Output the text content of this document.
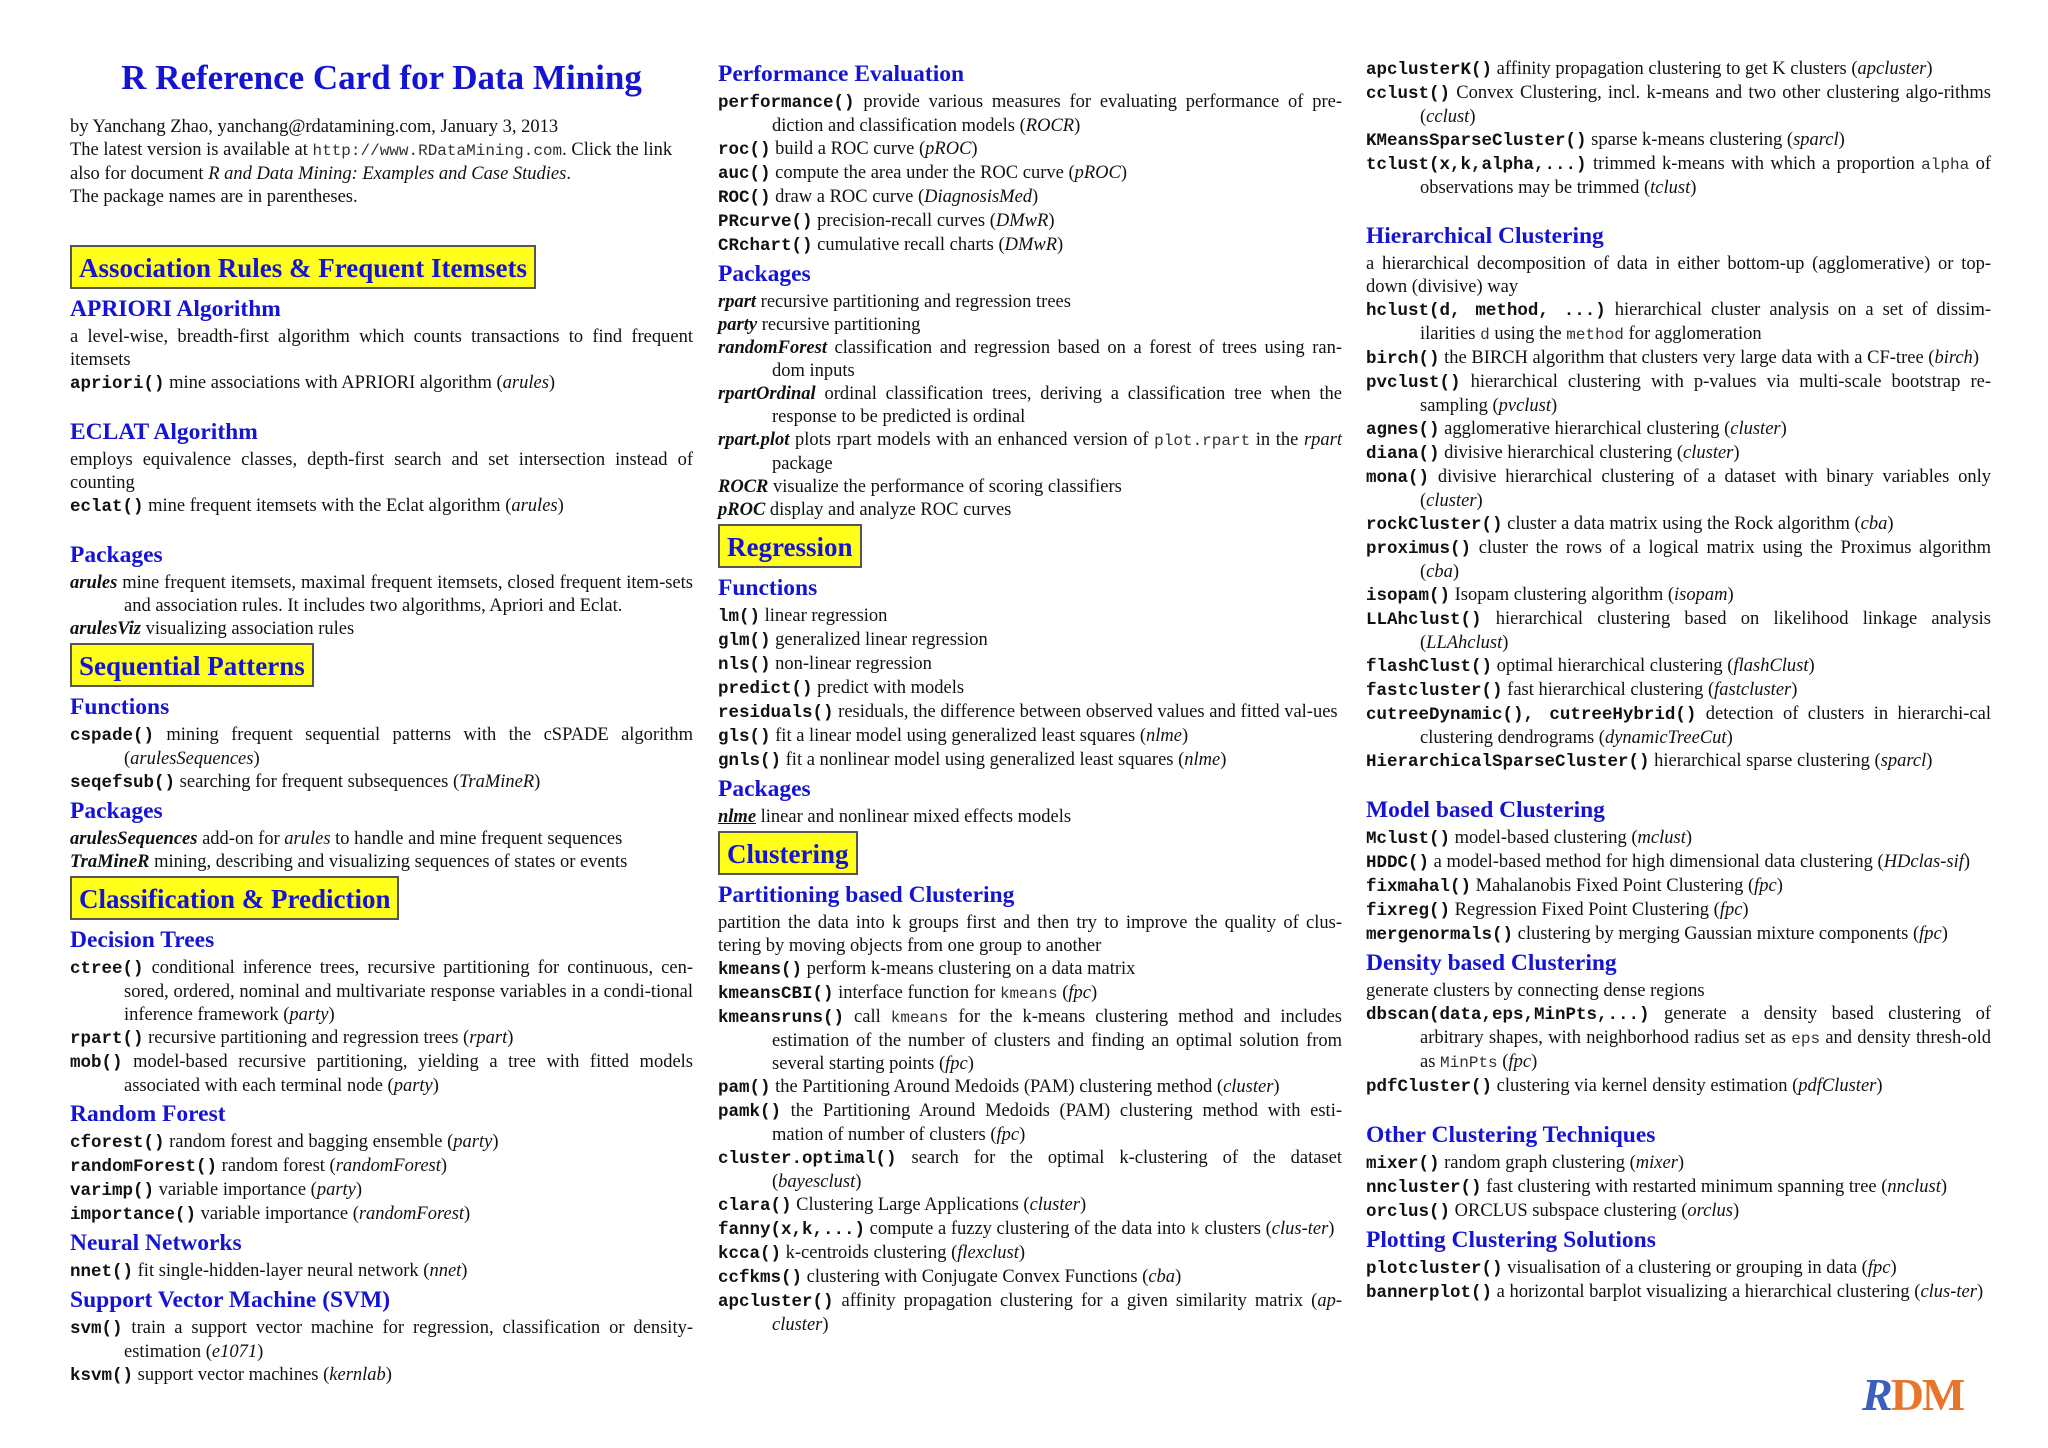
R Reference Card for Data Mining
by Yanchang Zhao, yanchang@rdatamining.com, January 3, 2013
The latest version is available at http://www.RDataMining.com. Click the link also for document R and Data Mining: Examples and Case Studies.
The package names are in parentheses.
Association Rules & Frequent Itemsets
APRIORI Algorithm

a level-wise, breadth-first algorithm which counts transactions to find frequent itemsets

apriori() mine associations with APRIORI algorithm (arules)

ECLAT Algorithm

employs equivalence classes, depth-first search and set intersection instead of counting

eclat() mine frequent itemsets with the Eclat algorithm (arules)

Packages

arules mine frequent itemsets, maximal frequent itemsets, closed frequent item-sets and association rules. It includes two algorithms, Apriori and Eclat.

arulesViz visualizing association rules

Sequential Patterns
Functions

cspade() mining frequent sequential patterns with the cSPADE algorithm (arulesSequences)

seqefsub() searching for frequent subsequences (TraMineR)

Packages

arulesSequences add-on for arules to handle and mine frequent sequences

TraMineR mining, describing and visualizing sequences of states or events

Classification & Prediction
Decision Trees

ctree() conditional inference trees, recursive partitioning for continuous, cen-sored, ordered, nominal and multivariate response variables in a condi-tional inference framework (party)

rpart() recursive partitioning and regression trees (rpart)

mob() model-based recursive partitioning, yielding a tree with fitted models associated with each terminal node (party)

Random Forest

cforest() random forest and bagging ensemble (party)

randomForest() random forest (randomForest)

varimp() variable importance (party)

importance() variable importance (randomForest)

Neural Networks

nnet() fit single-hidden-layer neural network (nnet)

Support Vector Machine (SVM)

svm() train a support vector machine for regression, classification or density-estimation (e1071)

ksvm() support vector machines (kernlab)

Performance Evaluation

performance() provide various measures for evaluating performance of pre-diction and classification models (ROCR)

roc() build a ROC curve (pROC)

auc() compute the area under the ROC curve (pROC)

ROC() draw a ROC curve (DiagnosisMed)

PRcurve() precision-recall curves (DMwR)

CRchart() cumulative recall charts (DMwR)

Packages

rpart recursive partitioning and regression trees

party recursive partitioning

randomForest classification and regression based on a forest of trees using ran-dom inputs

rpartOrdinal ordinal classification trees, deriving a classification tree when the response to be predicted is ordinal

rpart.plot plots rpart models with an enhanced version of plot.rpart in the rpart package

ROCR visualize the performance of scoring classifiers

pROC display and analyze ROC curves

Regression
Functions

lm() linear regression

glm() generalized linear regression

nls() non-linear regression

predict() predict with models

residuals() residuals, the difference between observed values and fitted val-ues

gls() fit a linear model using generalized least squares (nlme)

gnls() fit a nonlinear model using generalized least squares (nlme)

Packages

nlme linear and nonlinear mixed effects models

Clustering
Partitioning based Clustering

partition the data into k groups first and then try to improve the quality of clus-tering by moving objects from one group to another

kmeans() perform k-means clustering on a data matrix

kmeansCBI() interface function for kmeans (fpc)

kmeansruns() call kmeans for the k-means clustering method and includes estimation of the number of clusters and finding an optimal solution from several starting points (fpc)

pam() the Partitioning Around Medoids (PAM) clustering method (cluster)

pamk() the Partitioning Around Medoids (PAM) clustering method with esti-mation of number of clusters (fpc)

cluster.optimal() search for the optimal k-clustering of the dataset (bayesclust)

clara() Clustering Large Applications (cluster)

fanny(x,k,...) compute a fuzzy clustering of the data into k clusters (clus-ter)

kcca() k-centroids clustering (flexclust)

ccfkms() clustering with Conjugate Convex Functions (cba)

apcluster() affinity propagation clustering for a given similarity matrix (ap-cluster)

apclusterK() affinity propagation clustering to get K clusters (apcluster)

cclust() Convex Clustering, incl. k-means and two other clustering algo-rithms (cclust)

KMeansSparseCluster() sparse k-means clustering (sparcl)

tclust(x,k,alpha,...) trimmed k-means with which a proportion alpha of observations may be trimmed (tclust)

Hierarchical Clustering

a hierarchical decomposition of data in either bottom-up (agglomerative) or top-down (divisive) way

hclust(d, method, ...) hierarchical cluster analysis on a set of dissim-ilarities d using the method for agglomeration

birch() the BIRCH algorithm that clusters very large data with a CF-tree (birch)

pvclust() hierarchical clustering with p-values via multi-scale bootstrap re-sampling (pvclust)

agnes() agglomerative hierarchical clustering (cluster)

diana() divisive hierarchical clustering (cluster)

mona() divisive hierarchical clustering of a dataset with binary variables only (cluster)

rockCluster() cluster a data matrix using the Rock algorithm (cba)

proximus() cluster the rows of a logical matrix using the Proximus algorithm (cba)

isopam() Isopam clustering algorithm (isopam)

LLAhclust() hierarchical clustering based on likelihood linkage analysis (LLAhclust)

flashClust() optimal hierarchical clustering (flashClust)

fastcluster() fast hierarchical clustering (fastcluster)

cutreeDynamic(), cutreeHybrid() detection of clusters in hierarchi-cal clustering dendrograms (dynamicTreeCut)

HierarchicalSparseCluster() hierarchical sparse clustering (sparcl)

Model based Clustering

Mclust() model-based clustering (mclust)

HDDC() a model-based method for high dimensional data clustering (HDclas-sif)

fixmahal() Mahalanobis Fixed Point Clustering (fpc)

fixreg() Regression Fixed Point Clustering (fpc)

mergenormals() clustering by merging Gaussian mixture components (fpc)

Density based Clustering

generate clusters by connecting dense regions

dbscan(data,eps,MinPts,...) generate a density based clustering of arbitrary shapes, with neighborhood radius set as eps and density thresh-old as MinPts (fpc)

pdfCluster() clustering via kernel density estimation (pdfCluster)

Other Clustering Techniques

mixer() random graph clustering (mixer)

nncluster() fast clustering with restarted minimum spanning tree (nnclust)

orclus() ORCLUS subspace clustering (orclus)

Plotting Clustering Solutions

plotcluster() visualisation of a clustering or grouping in data (fpc)

bannerplot() a horizontal barplot visualizing a hierarchical clustering (clus-ter)

RDM
